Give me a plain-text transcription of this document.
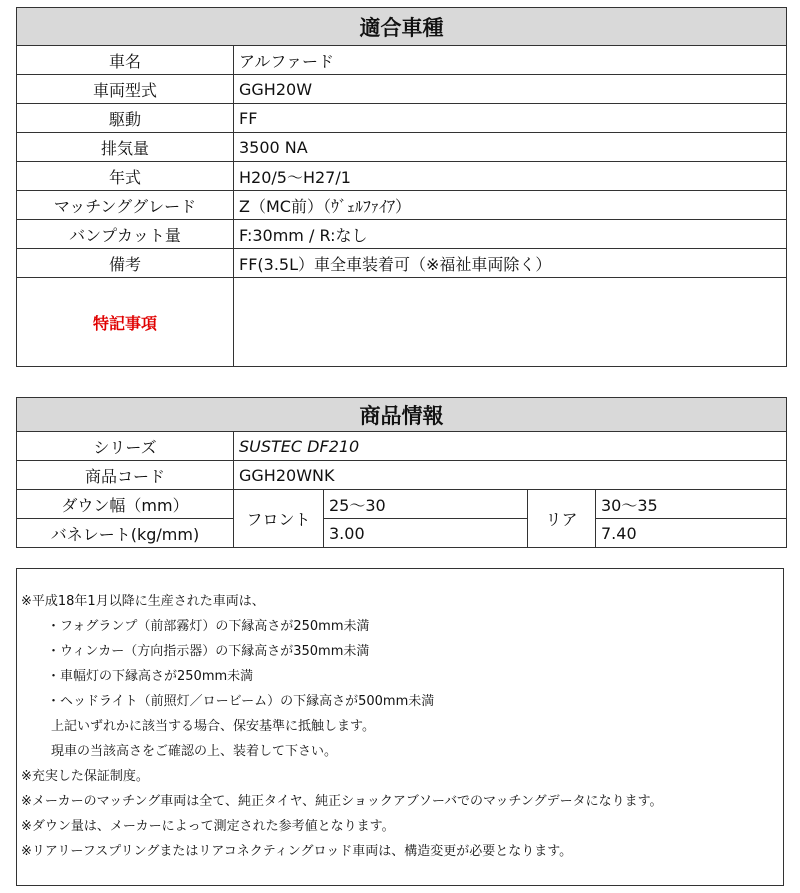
適合車種	
車名	アルファード
車両型式	GGH20W
駆動	FF
排気量	3500 NA
年式	H20/5〜H27/1
マッチンググレード	Z（MC前）（ｳﾞｪﾙﾌｧｲｱ）
バンプカット量	F:30mm / R:なし
備考	FF(3.5L）車全車装着可（※福祉車両除く）
特記事項	
商品情報				
シリーズ	SUSTEC DF210			
商品コード	GGH20WNK			
ダウン幅（mm）	フロント	25〜30	リア	30〜35
バネレート(kg/mm)		3.00		7.40
※平成18年1月以降に生産された車両は、
・フォグランプ（前部霧灯）の下縁高さが250mm未満
・ウィンカー（方向指示器）の下縁高さが350mm未満
・車幅灯の下縁高さが250mm未満
・ヘッドライト（前照灯／ロービーム）の下縁高さが500mm未満
上記いずれかに該当する場合、保安基準に抵触します。
現車の当該高さをご確認の上、装着して下さい。
※充実した保証制度。
※メーカーのマッチング車両は全て、純正タイヤ、純正ショックアブソーバでのマッチングデータになります。
※ダウン量は、メーカーによって測定された参考値となります。
※リアリーフスプリングまたはリアコネクティングロッド車両は、構造変更が必要となります。
